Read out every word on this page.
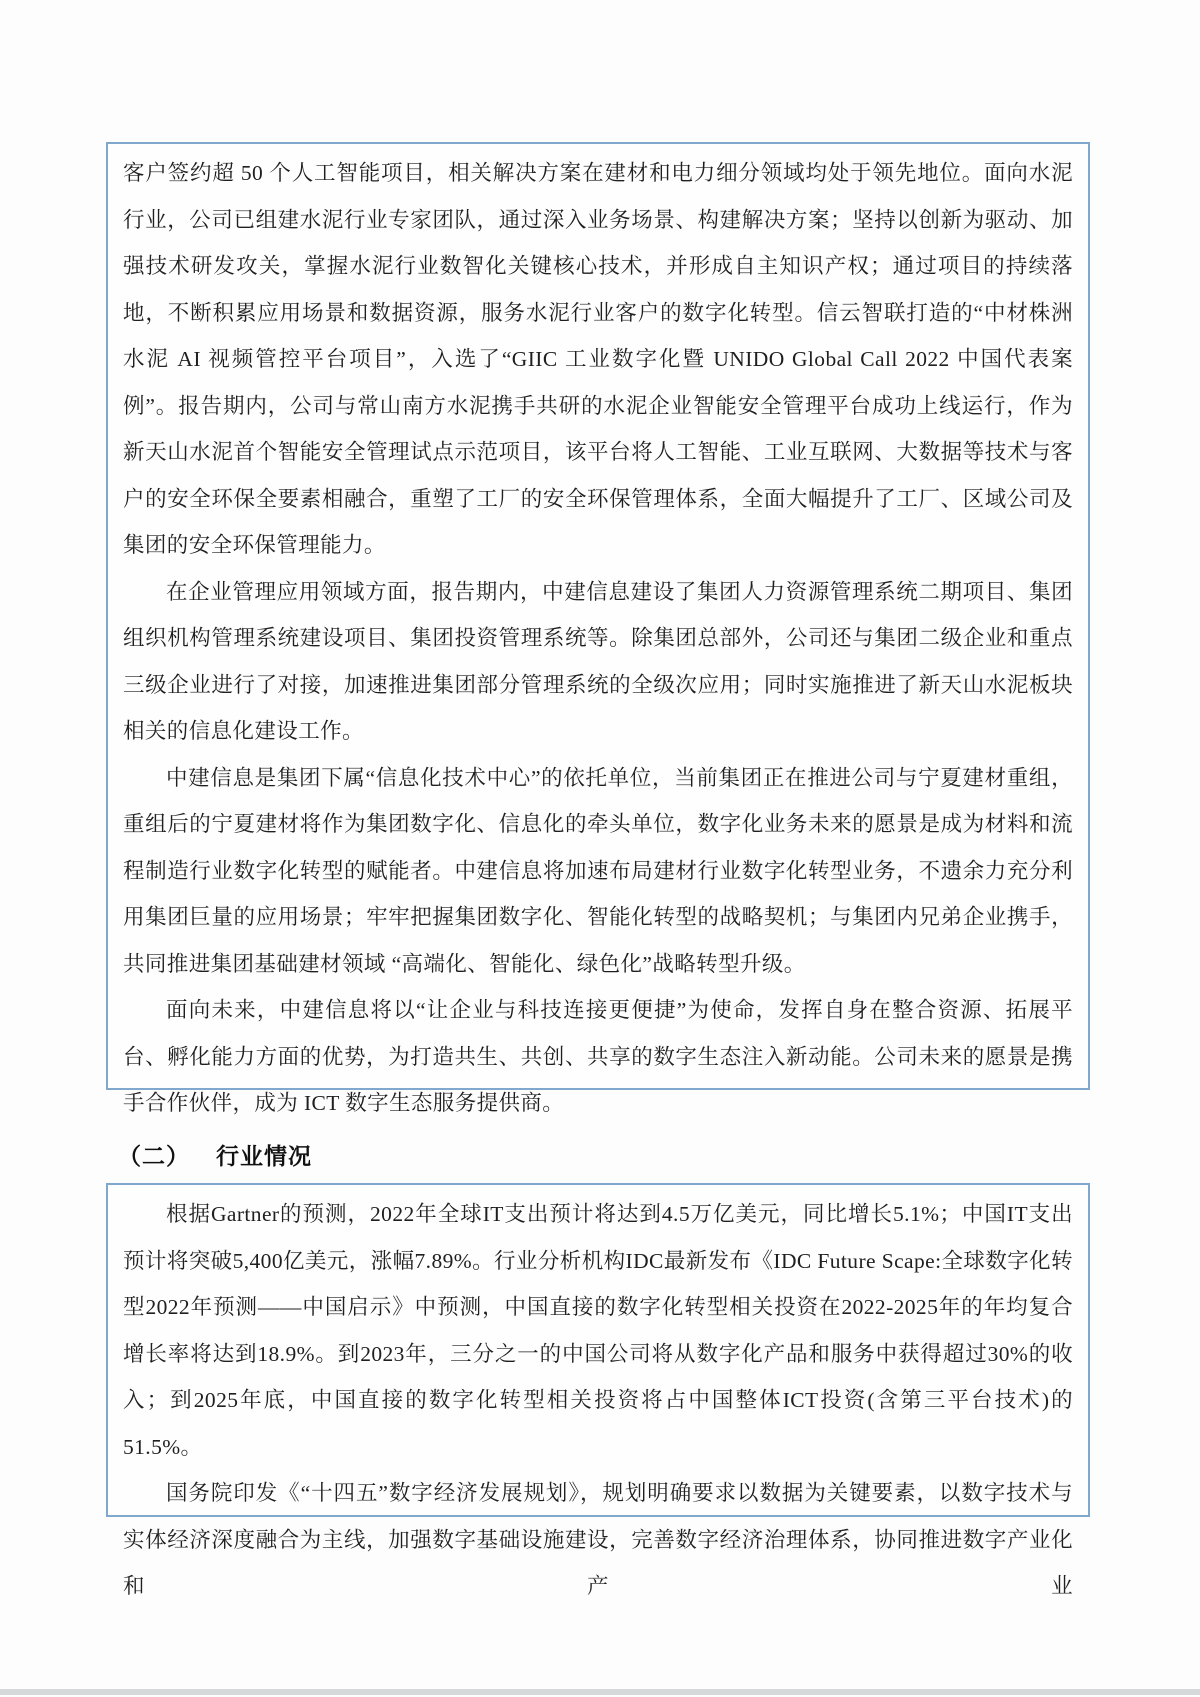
客户签约超 50 个人工智能项目，相关解决方案在建材和电力细分领域均处于领先地位。面向水泥行业，公司已组建水泥行业专家团队，通过深入业务场景、构建解决方案；坚持以创新为驱动、加强技术研发攻关，掌握水泥行业数智化关键核心技术，并形成自主知识产权；通过项目的持续落地，不断积累应用场景和数据资源，服务水泥行业客户的数字化转型。信云智联打造的“中材株洲水泥 AI 视频管控平台项目”，入选了“GIIC 工业数字化暨 UNIDO Global Call 2022 中国代表案例”。报告期内，公司与常山南方水泥携手共研的水泥企业智能安全管理平台成功上线运行，作为新天山水泥首个智能安全管理试点示范项目，该平台将人工智能、工业互联网、大数据等技术与客户的安全环保全要素相融合，重塑了工厂的安全环保管理体系，全面大幅提升了工厂、区域公司及集团的安全环保管理能力。

在企业管理应用领域方面，报告期内，中建信息建设了集团人力资源管理系统二期项目、集团组织机构管理系统建设项目、集团投资管理系统等。除集团总部外，公司还与集团二级企业和重点三级企业进行了对接，加速推进集团部分管理系统的全级次应用；同时实施推进了新天山水泥板块相关的信息化建设工作。

中建信息是集团下属“信息化技术中心”的依托单位，当前集团正在推进公司与宁夏建材重组，重组后的宁夏建材将作为集团数字化、信息化的牵头单位，数字化业务未来的愿景是成为材料和流程制造行业数字化转型的赋能者。中建信息将加速布局建材行业数字化转型业务，不遗余力充分利用集团巨量的应用场景；牢牢把握集团数字化、智能化转型的战略契机；与集团内兄弟企业携手，共同推进集团基础建材领域 “高端化、智能化、绿色化”战略转型升级。

面向未来，中建信息将以“让企业与科技连接更便捷”为使命，发挥自身在整合资源、拓展平台、孵化能力方面的优势，为打造共生、共创、共享的数字生态注入新动能。公司未来的愿景是携手合作伙伴，成为 ICT 数字生态服务提供商。

（二） 行业情况

根据Gartner的预测，2022年全球IT支出预计将达到4.5万亿美元，同比增长5.1%；中国IT支出预计将突破5,400亿美元，涨幅7.89%。行业分析机构IDC最新发布《IDC Future Scape:全球数字化转型2022年预测——中国启示》中预测，中国直接的数字化转型相关投资在2022-2025年的年均复合增长率将达到18.9%。到2023年，三分之一的中国公司将从数字化产品和服务中获得超过30%的收入；到2025年底，中国直接的数字化转型相关投资将占中国整体ICT投资(含第三平台技术)的51.5%。

国务院印发《“十四五”数字经济发展规划》，规划明确要求以数据为关键要素，以数字技术与实体经济深度融合为主线，加强数字基础设施建设，完善数字经济治理体系，协同推进数字产业化和产业
